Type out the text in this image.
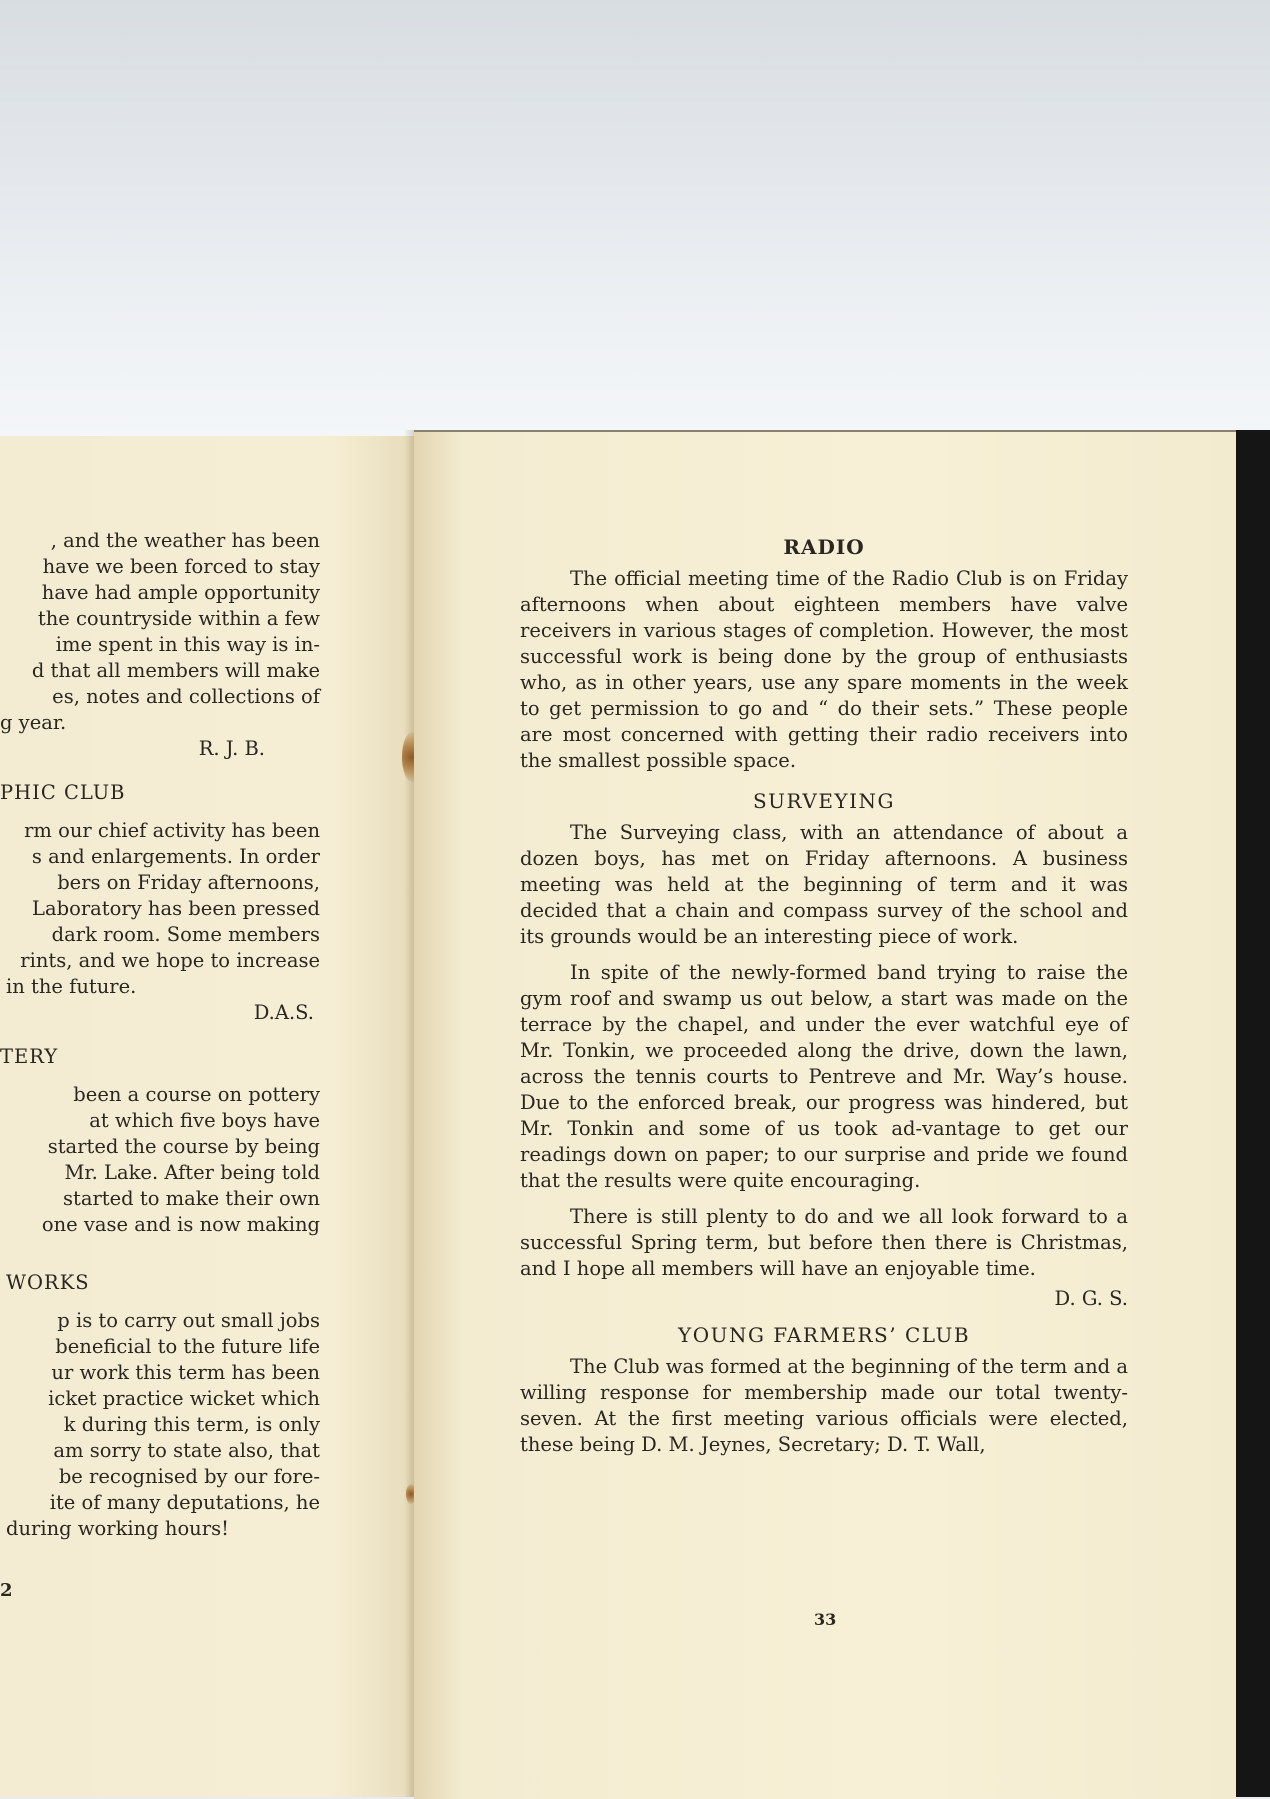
, and the weather has been
have we been forced to stay
have had ample opportunity
the countryside within a few
ime spent in this way is in-
d that all members will make
es, notes and collections of
g year.
R. J. B.
PHIC CLUB
rm our chief activity has been
s and enlargements. In order
bers on Friday afternoons,
Laboratory has been pressed
dark room. Some members
rints, and we hope to increase
in the future.
D.A.S.
TERY
been a course on pottery
at which five boys have
started the course by being
Mr. Lake. After being told
started to make their own
one vase and is now making
WORKS
p is to carry out small jobs
beneficial to the future life
ur work this term has been
icket practice wicket which
k during this term, is only
am sorry to state also, that
be recognised by our fore-
ite of many deputations, he
during working hours!
2
RADIO

The official meeting time of the Radio Club is on Friday afternoons when about eighteen members have valve receivers in various stages of completion. However, the most successful work is being done by the group of enthusiasts who, as in other years, use any spare moments in the week to get permission to go and “ do their sets.” These people are most concerned with getting their radio receivers into the smallest possible space.

SURVEYING

The Surveying class, with an attendance of about a dozen boys, has met on Friday afternoons. A business meeting was held at the beginning of term and it was decided that a chain and compass survey of the school and its grounds would be an interesting piece of work.

In spite of the newly-formed band trying to raise the gym roof and swamp us out below, a start was made on the terrace by the chapel, and under the ever watchful eye of Mr. Tonkin, we proceeded along the drive, down the lawn, across the tennis courts to Pentreve and Mr. Way’s house. Due to the enforced break, our progress was hindered, but Mr. Tonkin and some of us took ad-vantage to get our readings down on paper; to our surprise and pride we found that the results were quite encouraging.

There is still plenty to do and we all look forward to a successful Spring term, but before then there is Christmas, and I hope all members will have an enjoyable time.

D. G. S.
YOUNG FARMERS’ CLUB

The Club was formed at the beginning of the term and a willing response for membership made our total twenty-seven. At the first meeting various officials were elected, these being D. M. Jeynes, Secretary; D. T. Wall,

33
